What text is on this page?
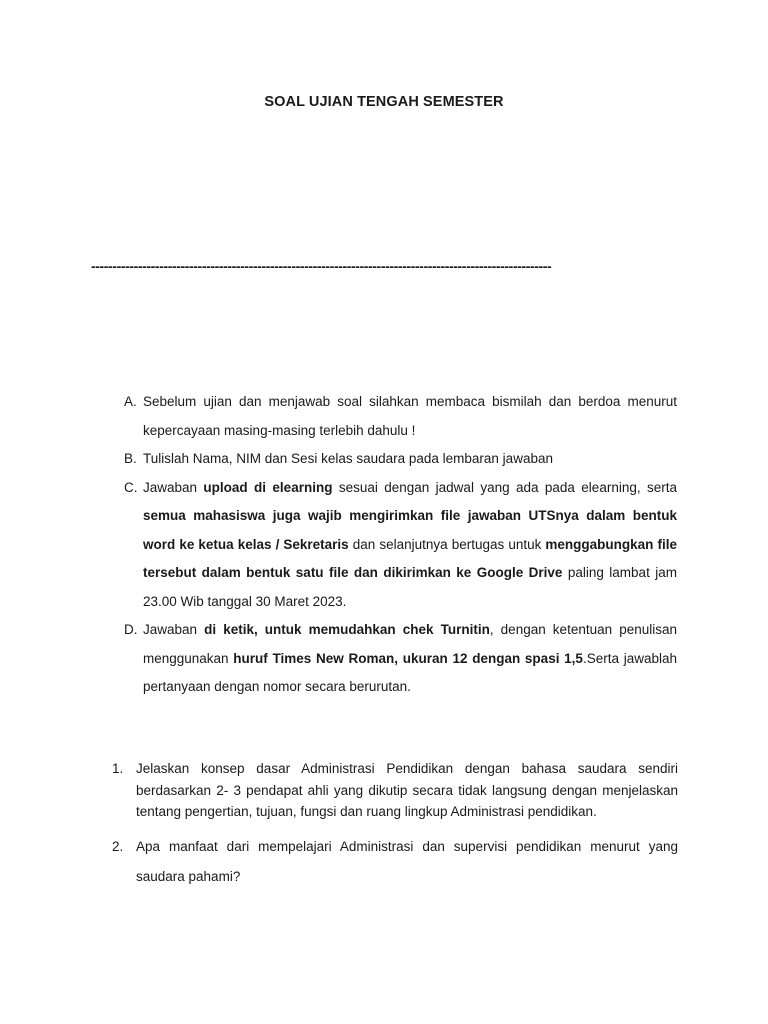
SOAL UJIAN TENGAH SEMESTER
------------------------------------------------------------------------------------------------------------
A. Sebelum ujian dan menjawab soal silahkan membaca bismilah dan berdoa menurut kepercayaan masing-masing terlebih dahulu !
B. Tulislah Nama, NIM dan Sesi kelas saudara pada lembaran jawaban
C. Jawaban upload di elearning sesuai dengan jadwal yang ada pada elearning, serta semua mahasiswa juga wajib mengirimkan file jawaban UTSnya dalam bentuk word ke ketua kelas / Sekretaris dan selanjutnya bertugas untuk menggabungkan file tersebut dalam bentuk satu file dan dikirimkan ke Google Drive paling lambat jam 23.00 Wib tanggal 30 Maret 2023.
D. Jawaban di ketik, untuk memudahkan chek Turnitin, dengan ketentuan penulisan menggunakan huruf Times New Roman, ukuran 12 dengan spasi 1,5.Serta jawablah pertanyaan dengan nomor secara berurutan.
1. Jelaskan konsep dasar Administrasi Pendidikan dengan bahasa saudara sendiri berdasarkan 2- 3 pendapat ahli yang dikutip secara tidak langsung dengan menjelaskan tentang pengertian, tujuan, fungsi dan ruang lingkup Administrasi pendidikan.
2. Apa manfaat dari mempelajari Administrasi dan supervisi pendidikan menurut yang saudara pahami?
